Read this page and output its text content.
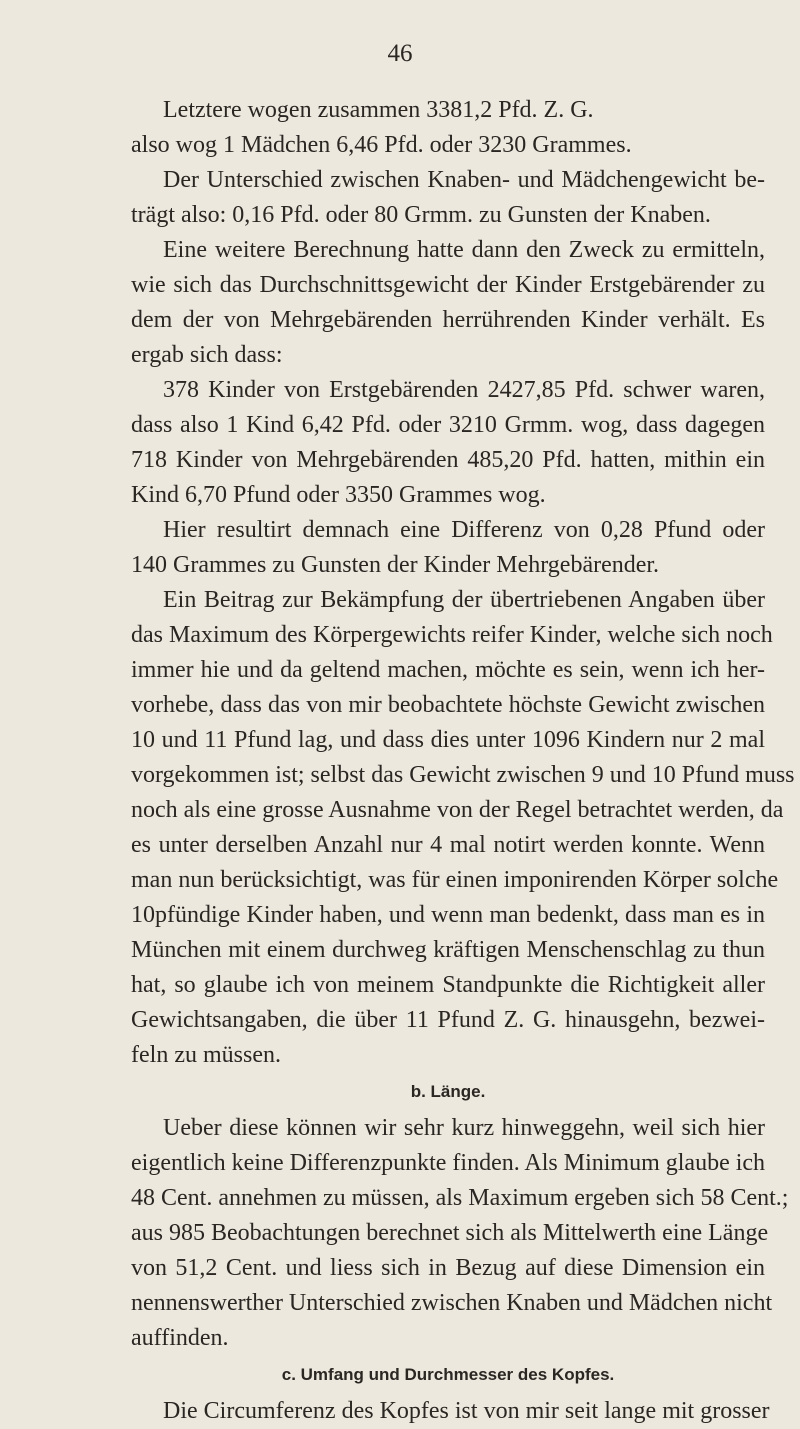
46
Letztere wogen zusammen 3381,2 Pfd. Z. G.
also wog 1 Mädchen 6,46 Pfd. oder 3230 Grammes.
Der Unterschied zwischen Knaben- und Mädchengewicht be-
trägt also: 0,16 Pfd. oder 80 Grmm. zu Gunsten der Knaben.
Eine weitere Berechnung hatte dann den Zweck zu ermitteln,
wie sich das Durchschnittsgewicht der Kinder Erstgebärender zu
dem der von Mehrgebärenden herrührenden Kinder verhält. Es
ergab sich dass:
378 Kinder von Erstgebärenden 2427,85 Pfd. schwer waren,
dass also 1 Kind 6,42 Pfd. oder 3210 Grmm. wog, dass dagegen
718 Kinder von Mehrgebärenden 485,20 Pfd. hatten, mithin ein
Kind 6,70 Pfund oder 3350 Grammes wog.
Hier resultirt demnach eine Differenz von 0,28 Pfund oder
140 Grammes zu Gunsten der Kinder Mehrgebärender.
Ein Beitrag zur Bekämpfung der übertriebenen Angaben über
das Maximum des Körpergewichts reifer Kinder, welche sich noch
immer hie und da geltend machen, möchte es sein, wenn ich her-
vorhebe, dass das von mir beobachtete höchste Gewicht zwischen
10 und 11 Pfund lag, und dass dies unter 1096 Kindern nur 2 mal
vorgekommen ist; selbst das Gewicht zwischen 9 und 10 Pfund muss
noch als eine grosse Ausnahme von der Regel betrachtet werden, da
es unter derselben Anzahl nur 4 mal notirt werden konnte. Wenn
man nun berücksichtigt, was für einen imponirenden Körper solche
10pfündige Kinder haben, und wenn man bedenkt, dass man es in
München mit einem durchweg kräftigen Menschenschlag zu thun
hat, so glaube ich von meinem Standpunkte die Richtigkeit aller
Gewichtsangaben, die über 11 Pfund Z. G. hinausgehn, bezwei-
feln zu müssen.
b. Länge.
Ueber diese können wir sehr kurz hinweggehn, weil sich hier
eigentlich keine Differenzpunkte finden. Als Minimum glaube ich
48 Cent. annehmen zu müssen, als Maximum ergeben sich 58 Cent.;
aus 985 Beobachtungen berechnet sich als Mittelwerth eine Länge
von 51,2 Cent. und liess sich in Bezug auf diese Dimension ein
nennenswerther Unterschied zwischen Knaben und Mädchen nicht
auffinden.
c. Umfang und Durchmesser des Kopfes.
Die Circumferenz des Kopfes ist von mir seit lange mit grosser
